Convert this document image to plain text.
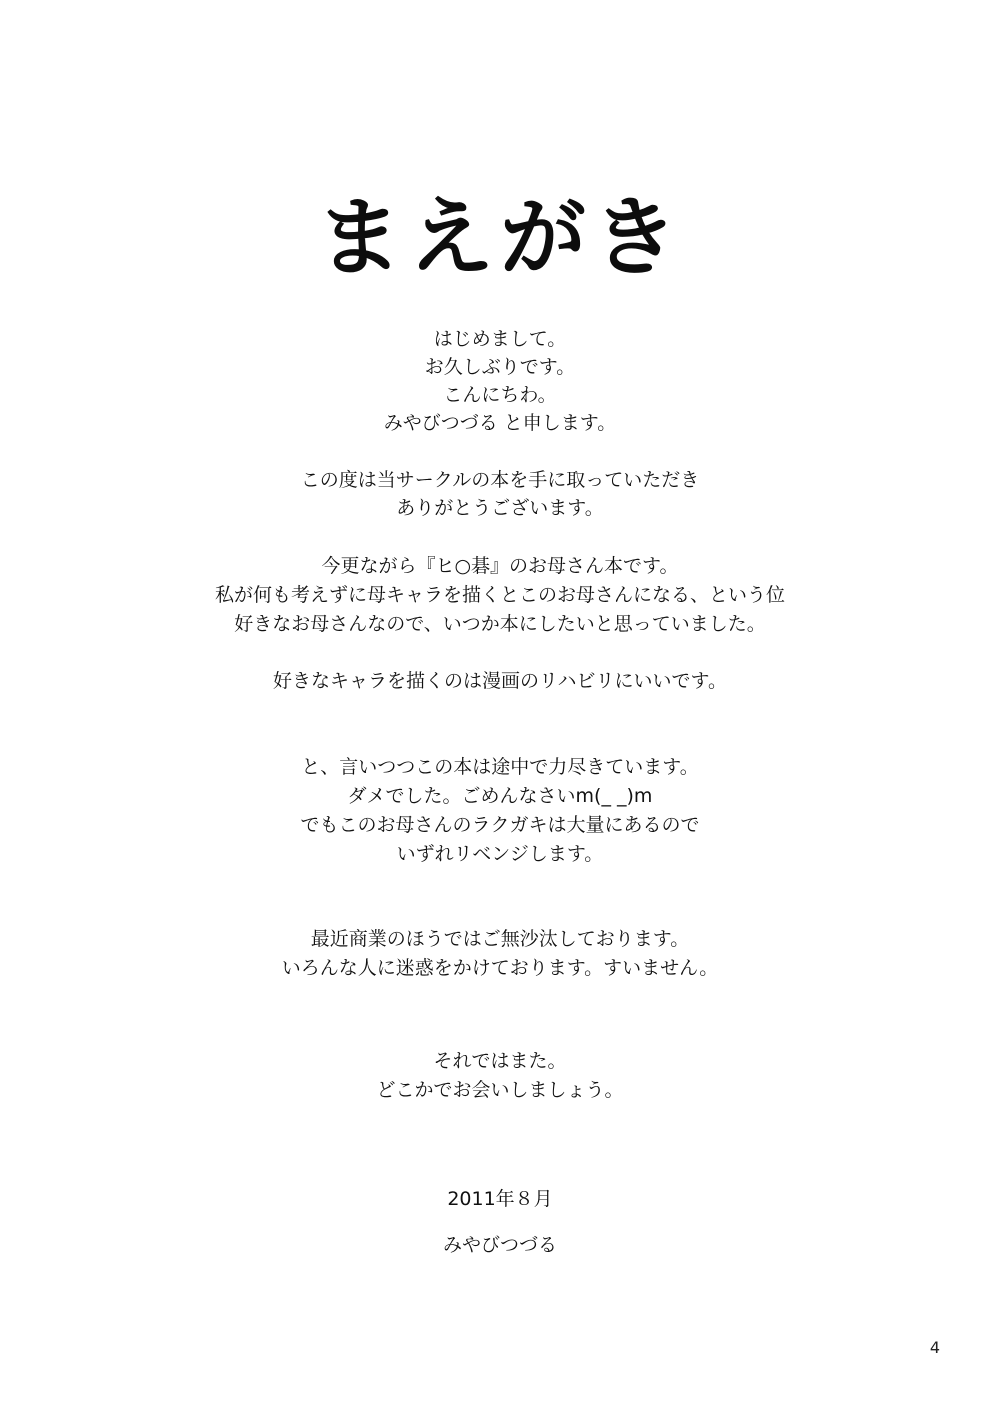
まえがき
はじめまして。
お久しぶりです。
こんにちわ。
みやびつづる と申します。
この度は当サークルの本を手に取っていただき
ありがとうございます。
今更ながら『ヒ○碁』のお母さん本です。
私が何も考えずに母キャラを描くとこのお母さんになる、という位
好きなお母さんなので、いつか本にしたいと思っていました。
好きなキャラを描くのは漫画のリハビリにいいです。
と、言いつつこの本は途中で力尽きています。
ダメでした。ごめんなさいm(_ _)m
でもこのお母さんのラクガキは大量にあるので
いずれリベンジします。
最近商業のほうではご無沙汰しております。
いろんな人に迷惑をかけております。すいません。
それではまた。
どこかでお会いしましょう。
2011年８月
みやびつづる
4
